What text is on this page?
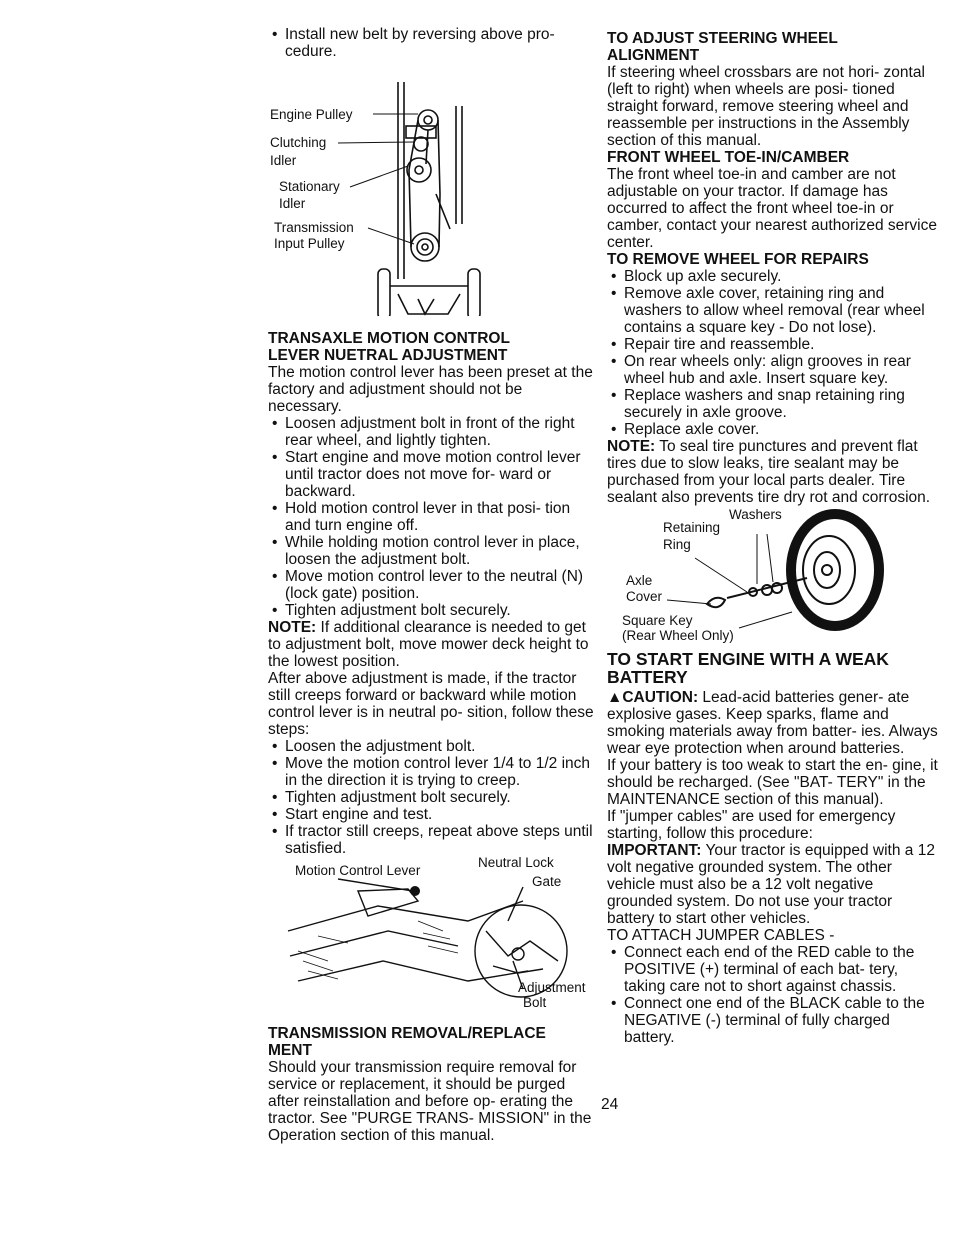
• Install new belt by reversing above pro- cedure.
Engine Pulley
Clutching
Idler
Stationary
Idler
Transmission
Input Pulley
TRANSAXLE MOTION CONTROL
LEVER NUETRAL ADJUSTMENT

The motion control lever has been preset at the factory and adjustment should not be necessary.

• Loosen adjustment bolt in front of the right rear wheel, and lightly tighten.
• Start engine and move motion control lever until tractor does not move for- ward or backward.
• Hold motion control lever in that posi- tion and turn engine off.
• While holding motion control lever in place, loosen the adjustment bolt.
• Move motion control lever to the neutral (N) (lock gate) position.
• Tighten adjustment bolt securely.

NOTE: If additional clearance is needed to get to adjustment bolt, move mower deck height to the lowest position.

After above adjustment is made, if the tractor still creeps forward or backward while motion control lever is in neutral po- sition, follow these steps:

• Loosen the adjustment bolt.
• Move the motion control lever 1/4 to 1/2 inch in the direction it is trying to creep.
• Tighten adjustment bolt securely.
• Start engine and test.
• If tractor still creeps, repeat above steps until satisfied.
Motion Control Lever
Neutral Lock
Gate
Adjustment
Bolt
TRANSMISSION REMOVAL/REPLACE
MENT

Should your transmission require removal for service or replacement, it should be purged after reinstallation and before op- erating the tractor. See "PURGE TRANS- MISSION" in the Operation section of this manual.

TO ADJUST STEERING WHEEL
ALIGNMENT

If steering wheel crossbars are not hori- zontal (left to right) when wheels are posi- tioned straight forward, remove steering wheel and reassemble per instructions in the Assembly section of this manual.

FRONT WHEEL TOE-IN/CAMBER

The front wheel toe-in and camber are not adjustable on your tractor. If damage has occurred to affect the front wheel toe-in or camber, contact your nearest authorized service center.

TO REMOVE WHEEL FOR REPAIRS
• Block up axle securely.
• Remove axle cover, retaining ring and washers to allow wheel removal (rear wheel contains a square key - Do not lose).
• Repair tire and reassemble.
• On rear wheels only: align grooves in rear wheel hub and axle. Insert square key.
• Replace washers and snap retaining ring securely in axle groove.
• Replace axle cover.

NOTE: To seal tire punctures and prevent flat tires due to slow leaks, tire sealant may be purchased from your local parts dealer. Tire sealant also prevents tire dry rot and corrosion.

Washers
Retaining
Ring
Axle
Cover
Square Key
(Rear Wheel Only)
TO START ENGINE WITH A WEAK
BATTERY

▲CAUTION: Lead-acid batteries gener- ate explosive gases. Keep sparks, flame and smoking materials away from batter- ies. Always wear eye protection when around batteries.

If your battery is too weak to start the en- gine, it should be recharged. (See "BAT- TERY" in the MAINTENANCE section of this manual).

If "jumper cables" are used for emergency starting, follow this procedure:

IMPORTANT: Your tractor is equipped with a 12 volt negative grounded system. The other vehicle must also be a 12 volt negative grounded system. Do not use your tractor battery to start other vehicles.

TO ATTACH JUMPER CABLES -

• Connect each end of the RED cable to the POSITIVE (+) terminal of each bat- tery, taking care not to short against chassis.
• Connect one end of the BLACK cable to the NEGATIVE (-) terminal of fully charged battery.
24
